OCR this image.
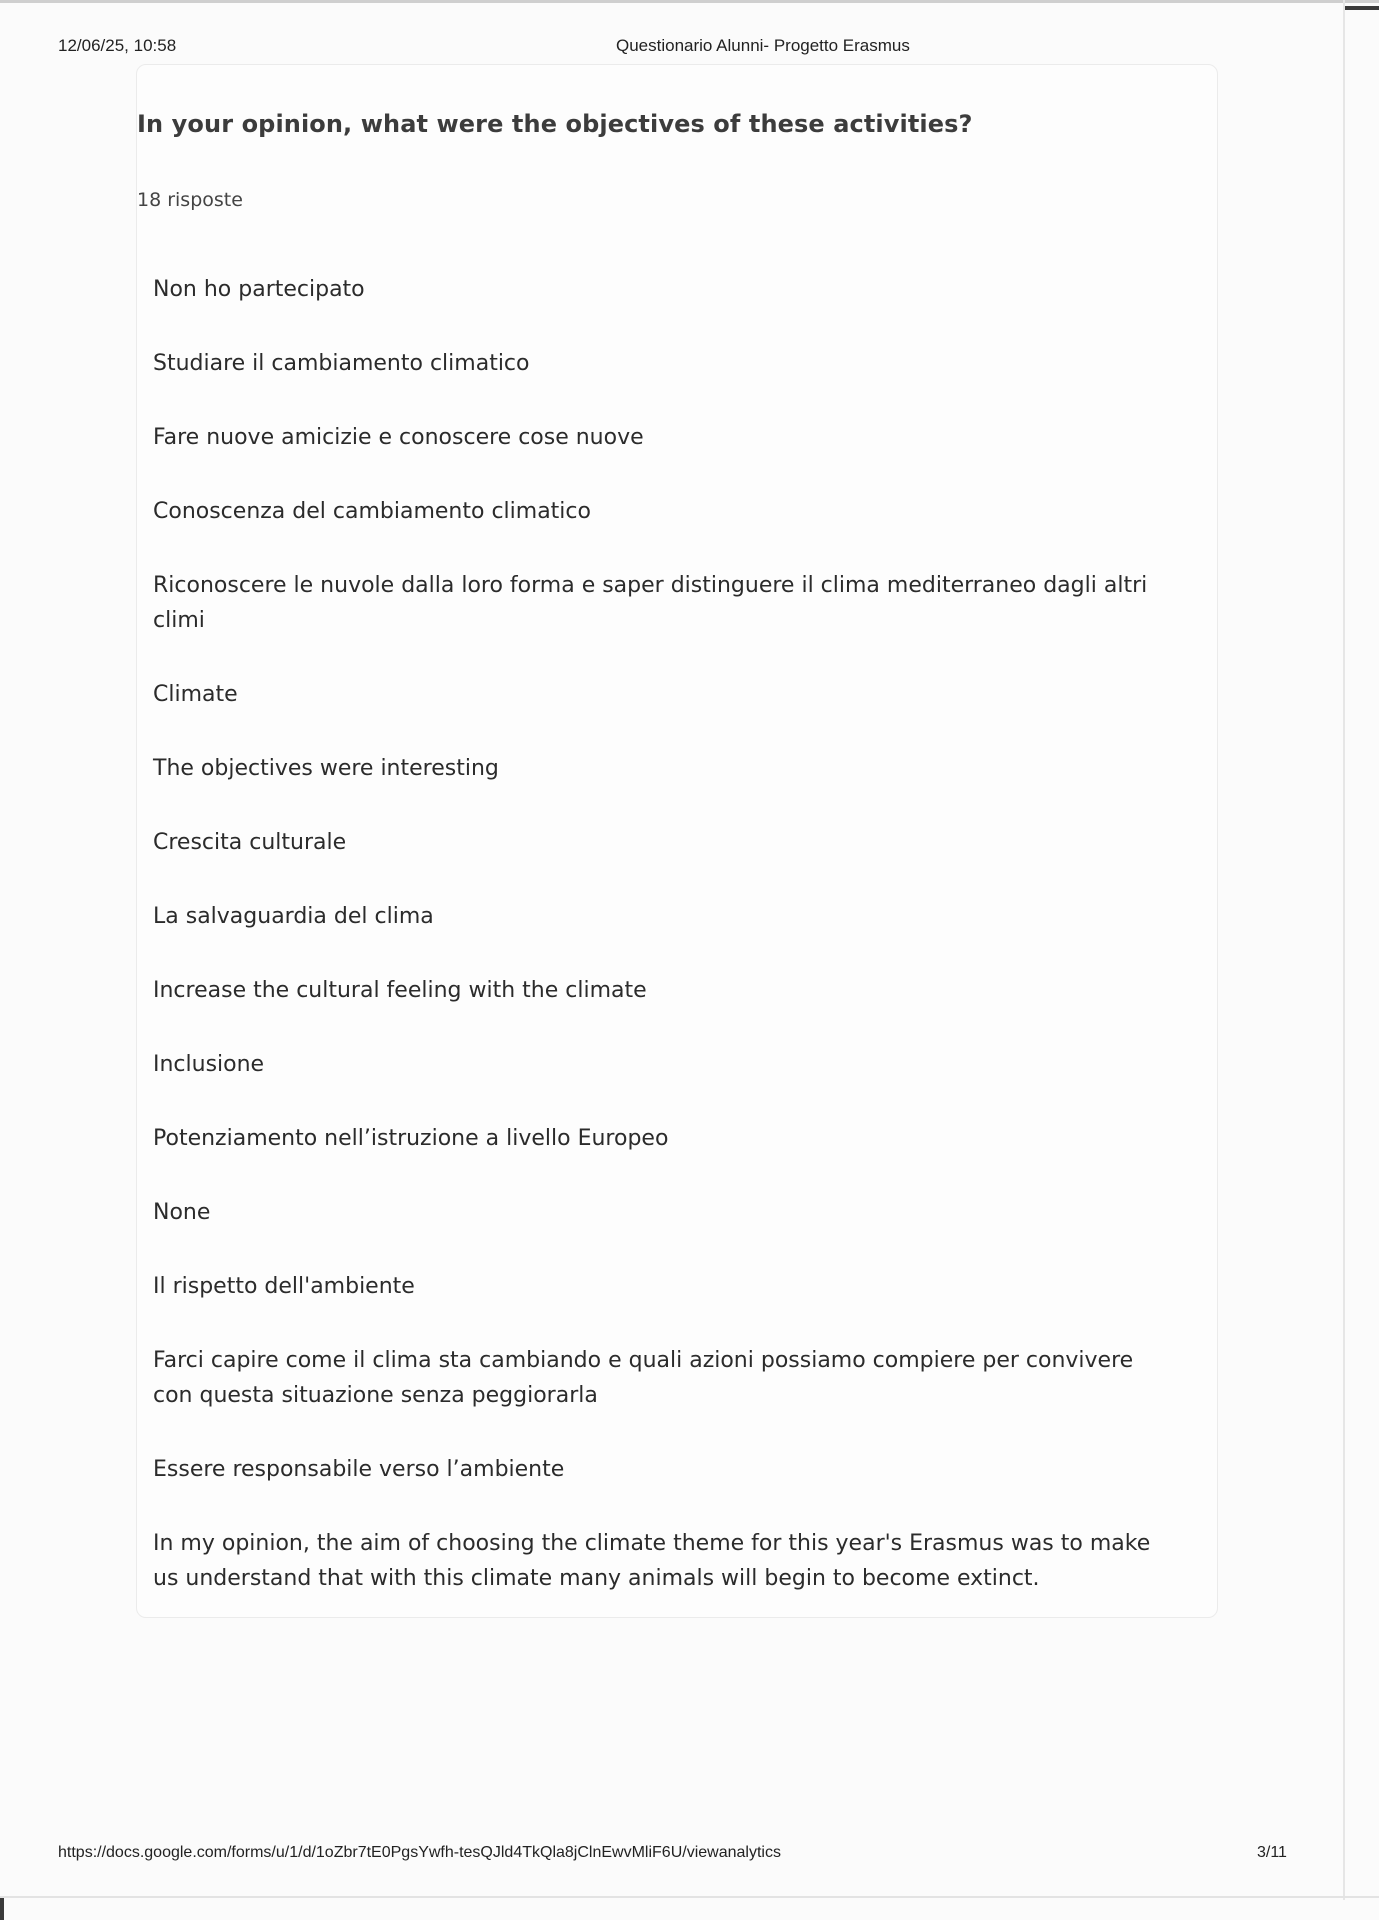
12/06/25, 10:58	Questionario Alunni- Progetto Erasmus
In your opinion, what were the objectives of these activities?
18 risposte
Non ho partecipato
Studiare il cambiamento climatico
Fare nuove amicizie e conoscere cose nuove
Conoscenza del cambiamento climatico
Riconoscere le nuvole dalla loro forma e saper distinguere il clima mediterraneo dagli altri climi
Climate
The objectives were interesting
Crescita culturale
La salvaguardia del clima
Increase the cultural feeling with the climate
Inclusione
Potenziamento nell’istruzione a livello Europeo
None
Il rispetto dell'ambiente
Farci capire come il clima sta cambiando e quali azioni possiamo compiere per convivere con questa situazione senza peggiorarla
Essere responsabile verso l’ambiente
In my opinion, the aim of choosing the climate theme for this year's Erasmus was to make us understand that with this climate many animals will begin to become extinct.
https://docs.google.com/forms/u/1/d/1oZbr7tE0PgsYwfh-tesQJld4TkQla8jClnEwvMliF6U/viewanalytics	3/11
